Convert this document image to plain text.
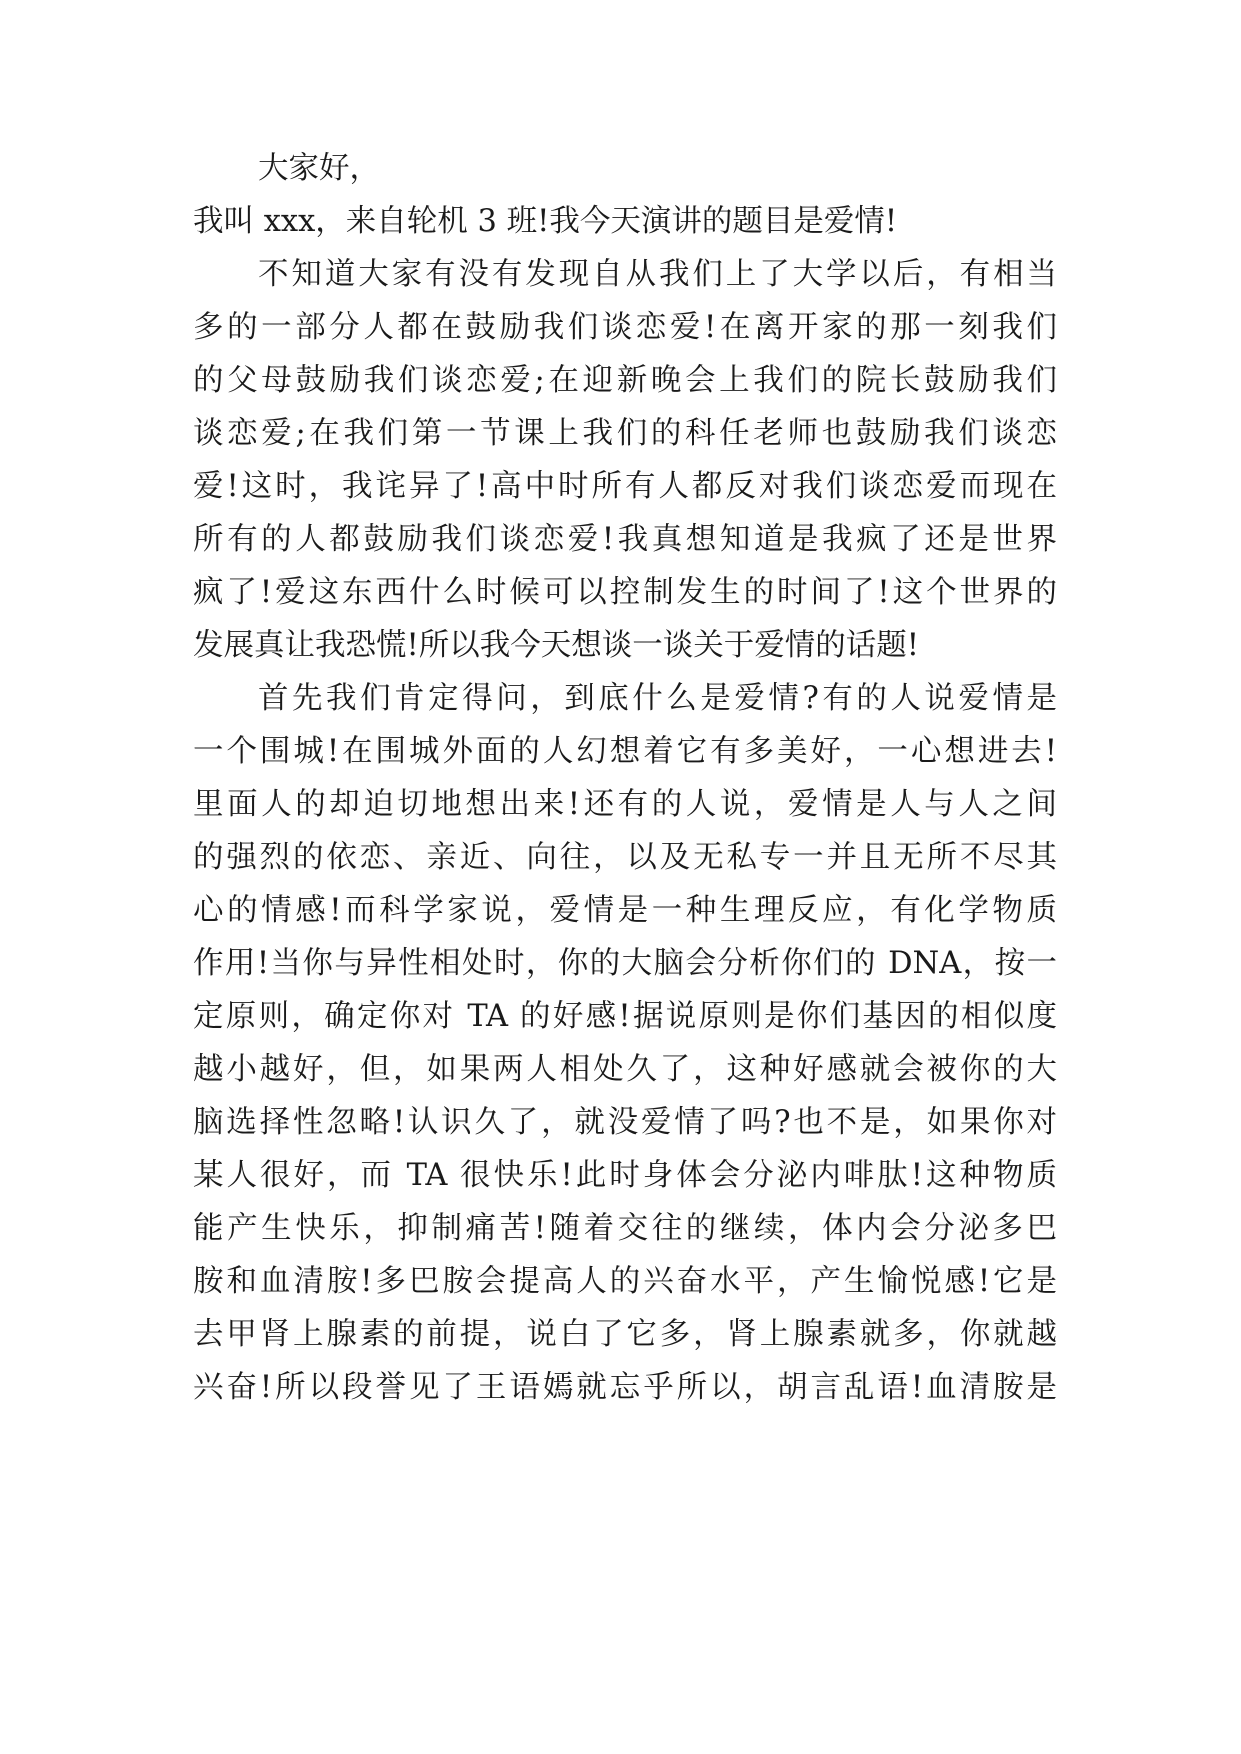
大家好，
我叫 xxx，来自轮机 3 班!我今天演讲的题目是爱情!
不知道大家有没有发现自从我们上了大学以后，有相当
多的一部分人都在鼓励我们谈恋爱!在离开家的那一刻我们
的父母鼓励我们谈恋爱;在迎新晚会上我们的院长鼓励我们
谈恋爱;在我们第一节课上我们的科任老师也鼓励我们谈恋
爱!这时，我诧异了!高中时所有人都反对我们谈恋爱而现在
所有的人都鼓励我们谈恋爱!我真想知道是我疯了还是世界
疯了!爱这东西什么时候可以控制发生的时间了!这个世界的
发展真让我恐慌!所以我今天想谈一谈关于爱情的话题!
首先我们肯定得问，到底什么是爱情?有的人说爱情是
一个围城!在围城外面的人幻想着它有多美好，一心想进去!
里面人的却迫切地想出来!还有的人说，爱情是人与人之间
的强烈的依恋、亲近、向往，以及无私专一并且无所不尽其
心的情感!而科学家说，爱情是一种生理反应，有化学物质
作用!当你与异性相处时，你的大脑会分析你们的 DNA，按一
定原则，确定你对 TA 的好感!据说原则是你们基因的相似度
越小越好，但，如果两人相处久了，这种好感就会被你的大
脑选择性忽略!认识久了，就没爱情了吗?也不是，如果你对
某人很好，而 TA 很快乐!此时身体会分泌内啡肽!这种物质
能产生快乐，抑制痛苦!随着交往的继续，体内会分泌多巴
胺和血清胺!多巴胺会提高人的兴奋水平，产生愉悦感!它是
去甲肾上腺素的前提，说白了它多，肾上腺素就多，你就越
兴奋!所以段誉见了王语嫣就忘乎所以，胡言乱语!血清胺是
